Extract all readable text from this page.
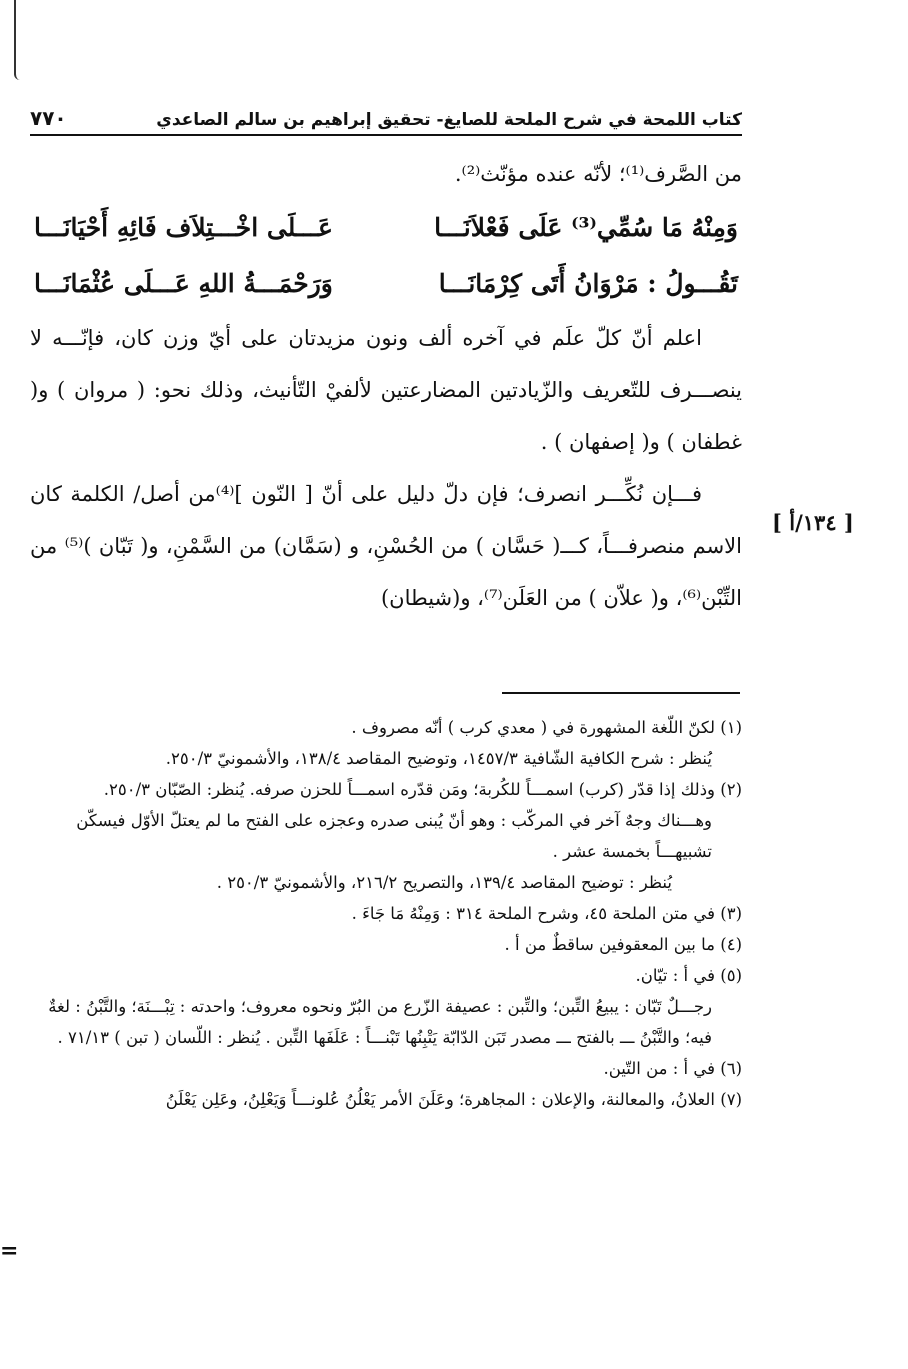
٧٧٠	كتاب اللمحة في شرح الملحة للصايغ- تحقيق إبراهيم بن سالم الصاعدي

من الصَّرف⁽¹⁾؛ لأنّه عنده مؤنّث⁽²⁾.

وَمِنْهُ مَا سُمِّي⁽³⁾ عَلَى فَعْلاَنَـــا
عَـــلَى اخْـــتِلاَف فَائِهِ أَحْيَانَـــا
تَقُـــولُ : مَرْوَانُ أَتَى كِرْمَانَـــا
وَرَحْمَـــةُ اللهِ عَـــلَى عُثْمَانَـــا

اعلم أنّ كلّ علَم في آخره ألف ونون مزيدتان على أيّ وزن كان، فإنّـــه لا ينصـــرف للتّعريف والزّيادتين المضارعتين لألفيْ التّأنيث، وذلك نحو: ( مروان ) و( غطفان ) و( إصفهان ) .

فـــإن نُكِّـــر انصرف؛ فإن دلّ دليل على أنّ [ النّون ]⁽⁴⁾من أصل/ الكلمة كان الاسم منصرفـــاً، كـــ( حَسَّان ) من الحُسْنِ، و (سَمَّان) من السَّمْنِ، و( تَبّان )⁽⁵⁾ من التِّبْن⁽⁶⁾، و( علاّن ) من العَلَن⁽⁷⁾، و(شيطان)

[ ١٣٤/أ ]

(١) لكنّ اللّغة المشهورة في ( معدي كرب ) أنّه مصروف .

يُنظر : شرح الكافية الشّافية ١٤٥٧/٣، وتوضيح المقاصد ١٣٨/٤، والأشمونيّ ٢٥٠/٣.

(٢) وذلك إذا قدّر (كرب) اسمـــاً للكُربة؛ ومَن قدّره اسمـــاً للحزن صرفه. يُنظر: الصّبّان ٢٥٠/٣.

وهـــناك وجهٌ آخر في المركّب : وهو أنّ يُبنى صدره وعجزه على الفتح ما لم يعتلّ الأوّل فيسكّن تشبيهـــاً بخمسة عشر .

يُنظر : توضيح المقاصد ١٣٩/٤، والتصريح ٢١٦/٢، والأشمونيّ ٢٥٠/٣ .

(٣) في متن الملحة ٤٥، وشرح الملحة ٣١٤ : وَمِنْهُ مَا جَاءَ .

(٤) ما بين المعقوفين ساقطٌ من أ .

(٥) في أ : تيّان.

رجـــلٌ تَبّان : يبيعُ التِّبن؛ والتِّبن : عصيفة الزّرع من البُرّ ونحوه معروف؛ واحدته : تِبْـــنَة؛ والتَّبْنُ : لغةٌ فيه؛ والتَّبْنُ ـــ بالفتح ـــ مصدر تَبَن الدّابّة يَتْبِنُها تَبْنـــاً : عَلَفَها التِّبن . يُنظر : اللّسان ( تبن ) ٧١/١٣ .

(٦) في أ : من التّين.

(٧) العلانُ، والمعالنة، والإعلان : المجاهرة؛ وعَلَنَ الأمر يَعْلُنُ عُلونـــاً وَيَعْلِنُ، وعَلِن يَعْلَنُ

=
